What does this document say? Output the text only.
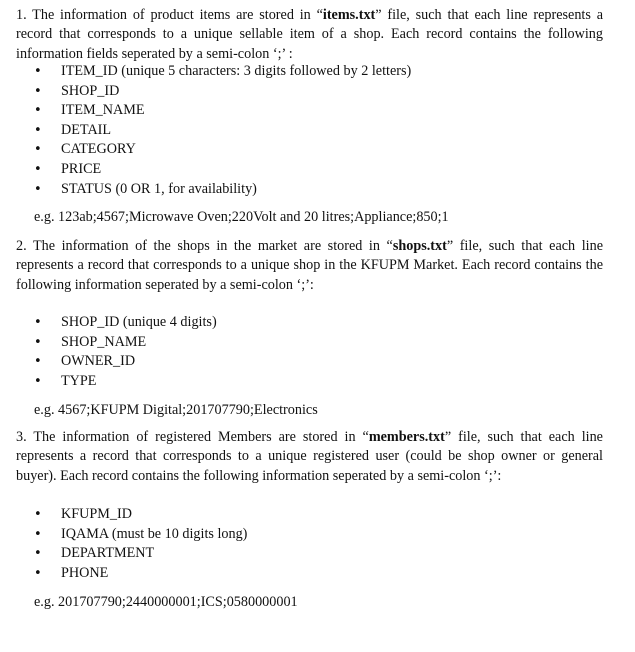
1. The information of product items are stored in “items.txt” file, such that each line represents a record that corresponds to a unique sellable item of a shop. Each record contains the following information fields seperated by a semi-colon ‘;’ :

• ITEM_ID (unique 5 characters: 3 digits followed by 2 letters)
• SHOP_ID
• ITEM_NAME
• DETAIL
• CATEGORY
• PRICE
• STATUS (0 OR 1, for availability)

e.g. 123ab;4567;Microwave Oven;220Volt and 20 litres;Appliance;850;1

2. The information of the shops in the market are stored in “shops.txt” file, such that each line represents a record that corresponds to a unique shop in the KFUPM Market. Each record contains the following information seperated by a semi-colon ‘;’:

• SHOP_ID (unique 4 digits)
• SHOP_NAME
• OWNER_ID
• TYPE

e.g. 4567;KFUPM Digital;201707790;Electronics

3. The information of registered Members are stored in “members.txt” file, such that each line represents a record that corresponds to a unique registered user (could be shop owner or general buyer). Each record contains the following information seperated by a semi-colon ‘;’:

• KFUPM_ID
• IQAMA (must be 10 digits long)
• DEPARTMENT
• PHONE

e.g. 201707790;2440000001;ICS;0580000001
